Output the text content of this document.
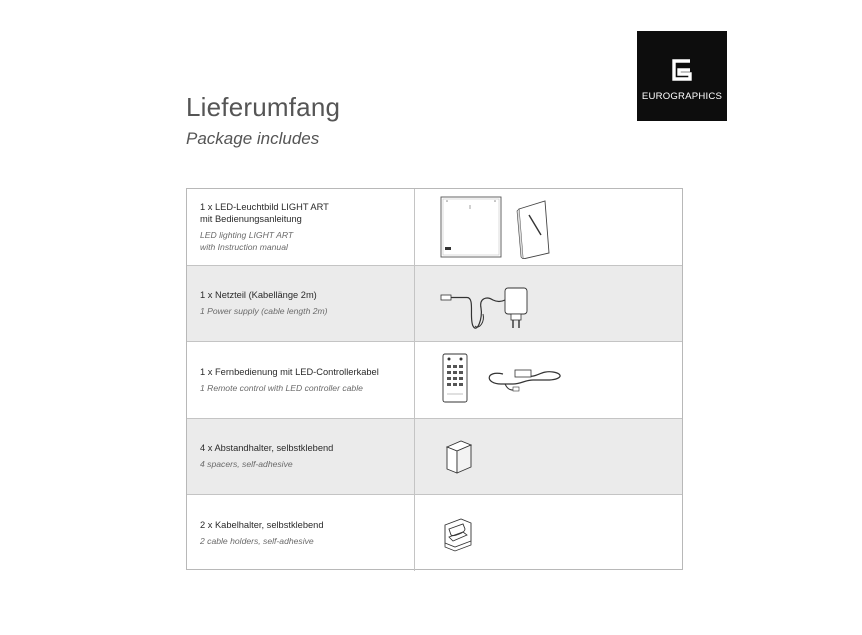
EUROGRAPHICS
Lieferumfang

Package includes

1 x LED-Leuchtbild LIGHT ART
mit Bedienungsanleitung
LED lighting LIGHT ART
with Instruction manual
1 x Netzteil (Kabellänge 2m)
1 Power supply (cable length 2m)
1 x Fernbedienung mit LED-Controllerkabel
1 Remote control with LED controller cable
4 x Abstandhalter, selbstklebend
4 spacers, self-adhesive
2 x Kabelhalter, selbstklebend
2 cable holders, self-adhesive
